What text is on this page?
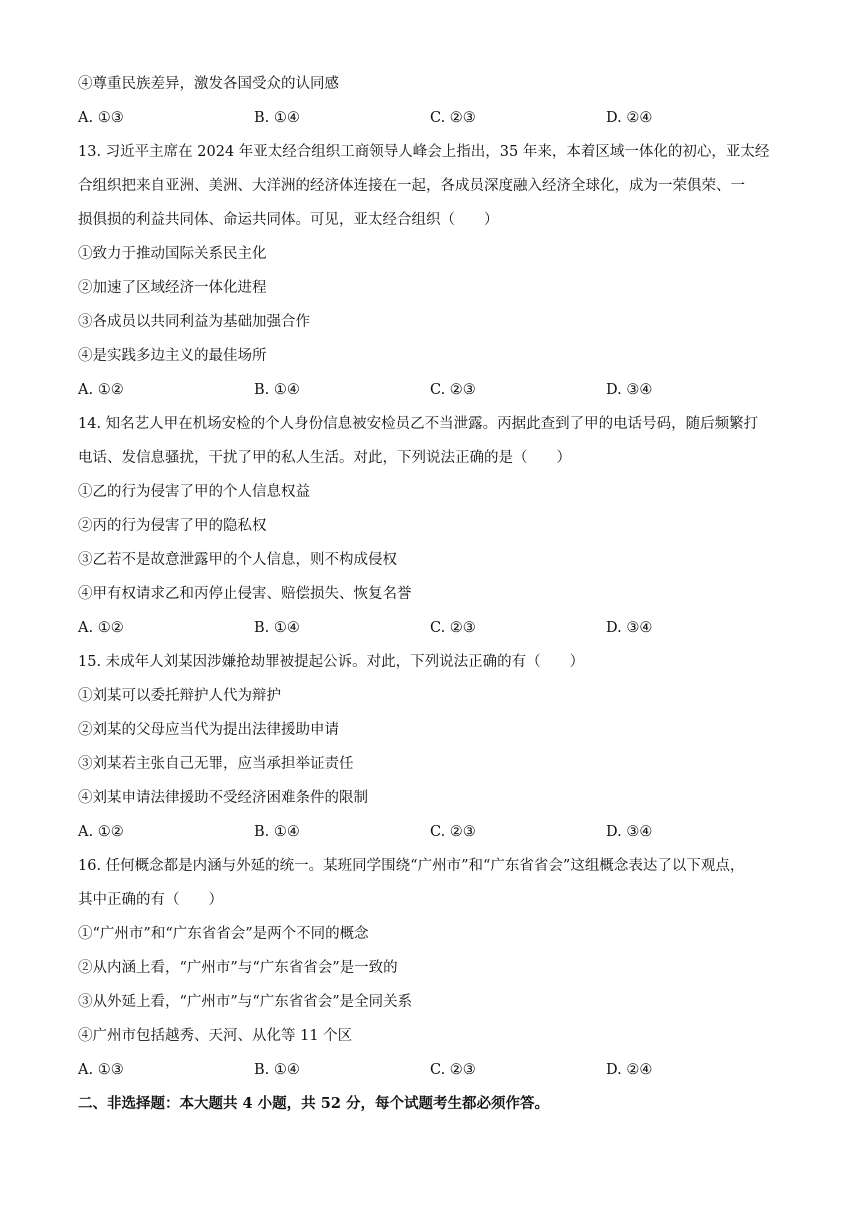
④尊重民族差异，激发各国受众的认同感
A. ①③	B. ①④	C. ②③	D. ②④
13. 习近平主席在 2024 年亚太经合组织工商领导人峰会上指出，35 年来，本着区域一体化的初心，亚太经
合组织把来自亚洲、美洲、大洋洲的经济体连接在一起，各成员深度融入经济全球化，成为一荣俱荣、一
损俱损的利益共同体、命运共同体。可见，亚太经合组织（　　）
①致力于推动国际关系民主化
②加速了区域经济一体化进程
③各成员以共同利益为基础加强合作
④是实践多边主义的最佳场所
A. ①②	B. ①④	C. ②③	D. ③④
14. 知名艺人甲在机场安检的个人身份信息被安检员乙不当泄露。丙据此查到了甲的电话号码，随后频繁打
电话、发信息骚扰，干扰了甲的私人生活。对此，下列说法正确的是（　　）
①乙的行为侵害了甲的个人信息权益
②丙的行为侵害了甲的隐私权
③乙若不是故意泄露甲的个人信息，则不构成侵权
④甲有权请求乙和丙停止侵害、赔偿损失、恢复名誉
A. ①②	B. ①④	C. ②③	D. ③④
15. 未成年人刘某因涉嫌抢劫罪被提起公诉。对此，下列说法正确的有（　　）
①刘某可以委托辩护人代为辩护
②刘某的父母应当代为提出法律援助申请
③刘某若主张自己无罪，应当承担举证责任
④刘某申请法律援助不受经济困难条件的限制
A. ①②	B. ①④	C. ②③	D. ③④
16. 任何概念都是内涵与外延的统一。某班同学围绕“广州市”和“广东省省会”这组概念表达了以下观点，
其中正确的有（　　）
①“广州市”和“广东省省会”是两个不同的概念
②从内涵上看，“广州市”与“广东省省会”是一致的
③从外延上看，“广州市”与“广东省省会”是全同关系
④广州市包括越秀、天河、从化等 11 个区
A. ①③	B. ①④	C. ②③	D. ②④
二、非选择题：本大题共 4 小题，共 52 分，每个试题考生都必须作答。
